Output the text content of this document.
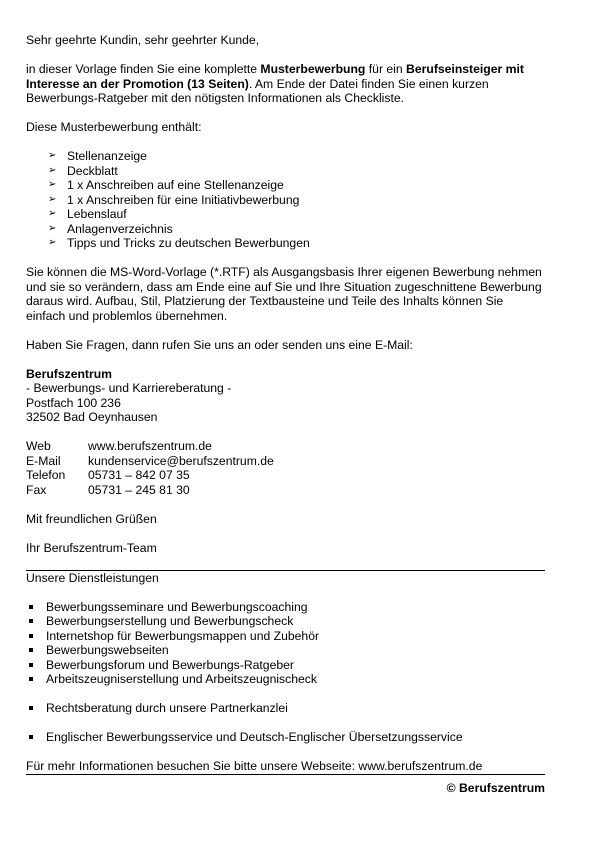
Sehr geehrte Kundin, sehr geehrter Kunde,

in dieser Vorlage finden Sie eine komplette Musterbewerbung für ein Berufseinsteiger mit Interesse an der Promotion (13 Seiten). Am Ende der Datei finden Sie einen kurzen Bewerbungs-Ratgeber mit den nötigsten Informationen als Checkliste.

Diese Musterbewerbung enthält:

➢ Stellenanzeige
➢ Deckblatt
➢ 1 x Anschreiben auf eine Stellenanzeige
➢ 1 x Anschreiben für eine Initiativbewerbung
➢ Lebenslauf
➢ Anlagenverzeichnis
➢ Tipps und Tricks zu deutschen Bewerbungen

Sie können die MS-Word-Vorlage (*.RTF) als Ausgangsbasis Ihrer eigenen Bewerbung nehmen und sie so verändern, dass am Ende eine auf Sie und Ihre Situation zugeschnittene Bewerbung daraus wird. Aufbau, Stil, Platzierung der Textbausteine und Teile des Inhalts können Sie einfach und problemlos übernehmen.

Haben Sie Fragen, dann rufen Sie uns an oder senden uns eine E-Mail:

Berufszentrum

- Bewerbungs- und Karriereberatung -

Postfach 100 236

32502 Bad Oeynhausen

Web	www.berufszentrum.de
E-Mail	kundenservice@berufszentrum.de
Telefon	05731 – 842 07 35
Fax	05731 – 245 81 30

Mit freundlichen Grüßen

Ihr Berufszentrum-Team

Unsere Dienstleistungen

Bewerbungsseminare und Bewerbungscoaching
Bewerbungserstellung und Bewerbungscheck
Internetshop für Bewerbungsmappen und Zubehör
Bewerbungswebseiten
Bewerbungsforum und Bewerbungs-Ratgeber
Arbeitszeugniserstellung und Arbeitszeugnischeck
Rechtsberatung durch unsere Partnerkanzlei
Englischer Bewerbungsservice und Deutsch-Englischer Übersetzungsservice

Für mehr Informationen besuchen Sie bitte unsere Webseite: www.berufszentrum.de

© Berufszentrum
